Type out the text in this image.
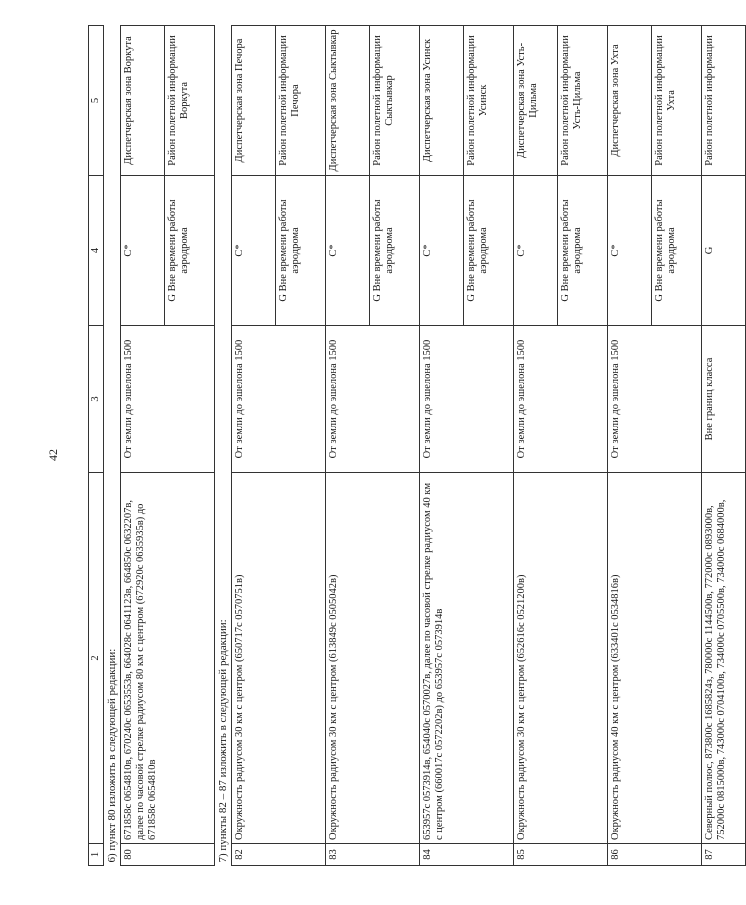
42
1	2	3	4	5
6) пункт 80 изложить в следующей редакции:				
80	671858с 0654810в, 670240с 0653553в, 664028с 0641123в, 664850с 0632207в, далее по часовой стрелке радиусом 80 км с центром (672920с 0635935в) до 671858с 0654810в	От земли до эшелона 1500	C*	Диспетчерская зона Воркута
			G Вне времени работы аэродрома	Район полетной информации Воркута
7) пункты 82 – 87 изложить в следующей редакции:				
82	Окружность радиусом 30 км с центром (650717с 0570751в)	От земли до эшелона 1500	C*	Диспетчерская зона Печора
			G Вне времени работы аэродрома	Район полетной информации Печора
83	Окружность радиусом 30 км с центром (613849с 0505042в)	От земли до эшелона 1500	C*	Диспетчерская зона Сыктывкар
			G Вне времени работы аэродрома	Район полетной информации Сыктывкар
84	653957с 0573914в, 654040с 0570027в, далее по часовой стрелке радиусом 40 км с центром (660017с 0572202в) до 653957с 0573914в	От земли до эшелона 1500	C*	Диспетчерская зона Усинск
			G Вне времени работы аэродрома	Район полетной информации Усинск
85	Окружность радиусом 30 км с центром (652616с 0521200в)	От земли до эшелона 1500	C*	Диспетчерская зона Усть-Цильма
			G Вне времени работы аэродрома	Район полетной информации Усть-Цильма
86	Окружность радиусом 40 км с центром (633401с 0534816в)	От земли до эшелона 1500	C*	Диспетчерская зона Ухта
			G Вне времени работы аэродрома	Район полетной информации Ухта
87	Северный полюс, 873800с 1685824з, 780000с 1144500в, 772000с 0893000в, 752000с 0815000в, 743000с 0704100в, 734000с 0705500в, 734000с 0684000в,	Вне границ класса	G	Район полетной информации
